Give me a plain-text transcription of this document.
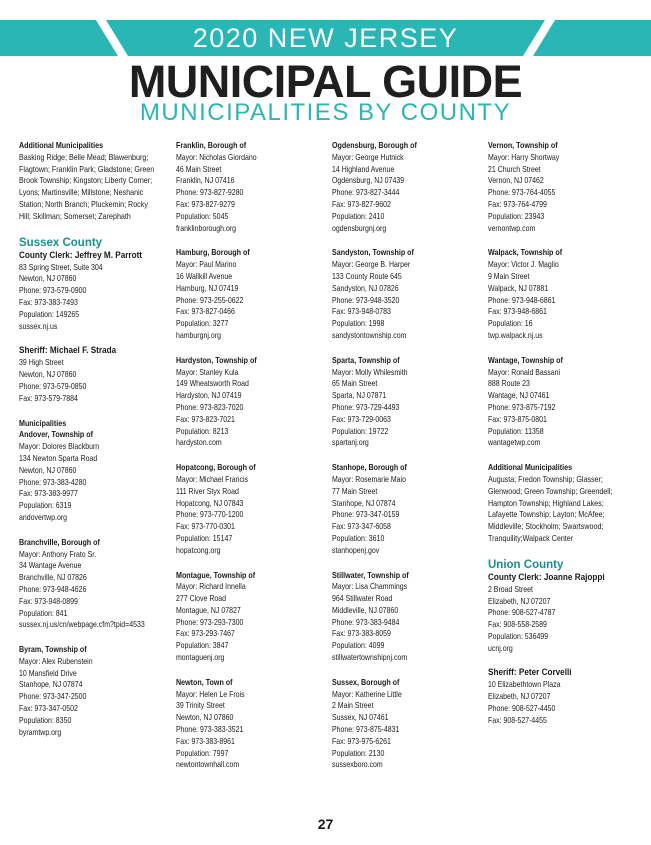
2020 NEW JERSEY
MUNICIPAL GUIDE
MUNICIPALITIES BY COUNTY
Additional Municipalities
Basking Ridge; Belle Mead; Blawenburg; Flagtown; Franklin Park; Gladstone; Green Brook Township; Kingston; Liberty Corner; Lyons; Martinsville; Millstone; Neshanic Station; North Branch; Pluckemin; Rocky Hill; Skillman; Somerset; Zarephath
Sussex County
County Clerk: Jeffrey M. Parrott
83 Spring Street, Suite 304
Newton, NJ 07860
Phone: 973-579-0900
Fax: 973-383-7493
Population: 149265
sussex.nj.us
Sheriff: Michael F. Strada
39 High Street
Newton, NJ 07860
Phone: 973-579-0850
Fax: 973-579-7884
Municipalities
Andover, Township of
Mayor: Dolores Blackburn
134 Newton Sparta Road
Newton, NJ 07860
Phone: 973-383-4280
Fax: 973-383-9977
Population: 6319
andovertwp.org
Branchville, Borough of
Mayor: Anthony Frato Sr.
34 Wantage Avenue
Branchville, NJ 07826
Phone: 973-948-4626
Fax: 973-948-0899
Population: 841
sussex.nj.us/cn/webpage.cfm?tpid=4533
Byram, Township of
Mayor: Alex Rubenstein
10 Mansfield Drive
Stanhope, NJ 07874
Phone: 973-347-2500
Fax: 973-347-0502
Population: 8350
byramtwp.org
Franklin, Borough of
Mayor: Nicholas Giordano
46 Main Street
Franklin, NJ 07416
Phone: 973-827-9280
Fax: 973-827-9279
Population: 5045
franklinborough.org
Hamburg, Borough of
Mayor: Paul Marino
16 Wallkill Avenue
Hamburg, NJ 07419
Phone: 973-255-0622
Fax: 973-827-0466
Population: 3277
hamburgnj.org
Hardyston, Township of
Mayor: Stanley Kula
149 Wheatsworth Road
Hardyston, NJ 07419
Phone: 973-823-7020
Fax: 973-823-7021
Population: 8213
hardyston.com
Hopatcong, Borough of
Mayor: Michael Francis
111 River Styx Road
Hopatcong, NJ 07843
Phone: 973-770-1200
Fax: 973-770-0301
Population: 15147
hopatcong.org
Montague, Township of
Mayor: Richard Innella
277 Clove Road
Montague, NJ 07827
Phone: 973-293-7300
Fax: 973-293-7467
Population: 3847
montaguenj.org
Newton, Town of
Mayor: Helen Le Frois
39 Trinity Street
Newton, NJ 07860
Phone: 973-383-3521
Fax: 973-383-8961
Population: 7997
newtontownhall.com
Ogdensburg, Borough of
Mayor: George Hutnick
14 Highland Avenue
Ogdensburg, NJ 07439
Phone: 973-827-3444
Fax: 973-827-9602
Population: 2410
ogdensburgnj.org
Sandyston, Township of
Mayor: George B. Harper
133 County Route 645
Sandyston, NJ 07826
Phone: 973-948-3520
Fax: 973-948-0783
Population: 1998
sandystontownship.com
Sparta, Township of
Mayor: Molly Whilesmith
65 Main Street
Sparta, NJ 07871
Phone: 973-729-4493
Fax: 973-729-0063
Population: 19722
spartanj.org
Stanhope, Borough of
Mayor: Rosemarie Maio
77 Main Street
Stanhope, NJ 07874
Phone: 973-347-0159
Fax: 973-347-6058
Population: 3610
stanhopenj.gov
Stillwater, Township of
Mayor: Lisa Chammings
964 Stillwater Road
Middleville, NJ 07860
Phone: 973-383-9484
Fax: 973-383-8059
Population: 4099
stillwatertownshipnj.com
Sussex, Borough of
Mayor: Katherine Little
2 Main Street
Sussex, NJ 07461
Phone: 973-875-4831
Fax: 973-975-6261
Population: 2130
sussexboro.com
Vernon, Township of
Mayor: Harry Shortway
21 Church Street
Vernon, NJ 07462
Phone: 973-764-4055
Fax: 973-764-4799
Population: 23943
vernontwp.com
Walpack, Township of
Mayor: Victor J. Maglio
9 Main Street
Walpack, NJ 07881
Phone: 973-948-6861
Fax: 973-948-6861
Population: 16
twp.walpack.nj.us
Wantage, Township of
Mayor: Ronald Bassani
888 Route 23
Wantage, NJ 07461
Phone: 973-875-7192
Fax: 973-875-0801
Population: 11358
wantagetwp.com
Additional Municipalities
Augusta; Fredon Township; Glasser; Glenwood; Green Township; Greendell; Hampton Township; Highland Lakes; Lafayette Township; Layton; McAfee; Middleville; Stockholm; Swartswood; Tranquility;Walpack Center
Union County
County Clerk: Joanne Rajoppi
2 Broad Street
Elizabeth, NJ 07207
Phone: 908-527-4787
Fax: 908-558-2589
Population: 536499
ucnj.org
Sheriff: Peter Corvelli
10 Elizabethtown Plaza
Elizabeth, NJ 07207
Phone: 908-527-4450
Fax: 908-527-4455
27
